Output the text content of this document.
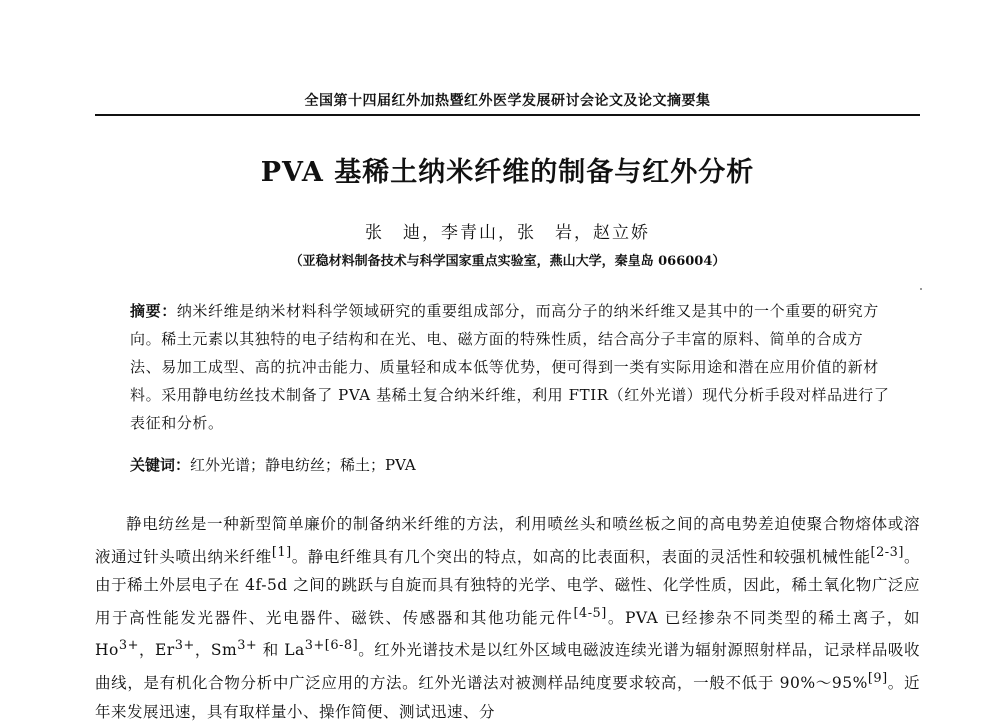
全国第十四届红外加热暨红外医学发展研讨会论文及论文摘要集
PVA 基稀土纳米纤维的制备与红外分析
张　迪，李青山，张　岩，赵立娇
（亚稳材料制备技术与科学国家重点实验室，燕山大学，秦皇岛 066004）

摘要：纳米纤维是纳米材料科学领域研究的重要组成部分，而高分子的纳米纤维又是其中的一个重要的研究方向。稀土元素以其独特的电子结构和在光、电、磁方面的特殊性质，结合高分子丰富的原料、简单的合成方法、易加工成型、高的抗冲击能力、质量轻和成本低等优势，便可得到一类有实际用途和潜在应用价值的新材料。采用静电纺丝技术制备了 PVA 基稀土复合纳米纤维，利用 FTIR（红外光谱）现代分析手段对样品进行了表征和分析。

关键词：红外光谱；静电纺丝；稀土；PVA

静电纺丝是一种新型简单廉价的制备纳米纤维的方法，利用喷丝头和喷丝板之间的高电势差迫使聚合物熔体或溶液通过针头喷出纳米纤维[1]。静电纤维具有几个突出的特点，如高的比表面积，表面的灵活性和较强机械性能[2-3]。由于稀土外层电子在 4f-5d 之间的跳跃与自旋而具有独特的光学、电学、磁性、化学性质，因此，稀土氧化物广泛应用于高性能发光器件、光电器件、磁铁、传感器和其他功能元件[4-5]。PVA 已经掺杂不同类型的稀土离子，如 $Ho^{3+}$，$Er^{3+}$，$Sm^{3+}$ 和 $La^{3+[6-8]}$。红外光谱技术是以红外区域电磁波连续光谱为辐射源照射样品，记录样品吸收曲线，是有机化合物分析中广泛应用的方法。红外光谱法对被测样品纯度要求较高，一般不低于 90%～95%[9]。近年来发展迅速，具有取样量小、操作简便、测试迅速、分
